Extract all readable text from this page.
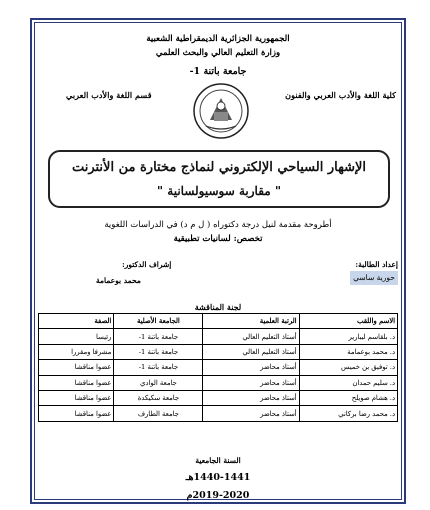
الجمهورية الجزائرية الديمقراطية الشعبية
وزارة التعليم العالي والبحث العلمي
جامعة باتنة 1-
كلية اللغة والأدب العربي والفنون
قسم اللغة والأدب العربي
الإشهار السياحي الإلكتروني لنماذج مختارة من الأنترنت
" مقاربة سوسيولسانية "
أطروحة مقدمة لنيل درجة دكتوراه ( ل م د) في الدراسات اللغوية
تخصص: لسانيات تطبيقية
إعداد الطالبة:
إشراف الدكتور:
حورية ساسي
محمد بوعمامة
لجنة المناقشة
الاسم واللقب	الرتبة العلمية	الجامعة الأصلية	الصفة
د. بلقاسم ليبارير	أستاذ التعليم العالي	جامعة باتنة 1-	رئيسا
د. محمد بوعمامة	أستاذ التعليم العالي	جامعة باتنة 1-	مشرفا ومقررا
د. توفيق بن خميس	أستاذ محاضر	جامعة باتنة 1-	عضوا مناقشا
د. سليم حمدان	أستاذ محاضر	جامعة الوادي	عضوا مناقشا
د. هشام صويلح	أستاذ محاضر	جامعة سكيكدة	عضوا مناقشا
د. محمد رضا بركاني	أستاذ محاضر	جامعة الطارف	عضوا مناقشا
السنة الجامعية
1440-1441هـ
2019-2020م
